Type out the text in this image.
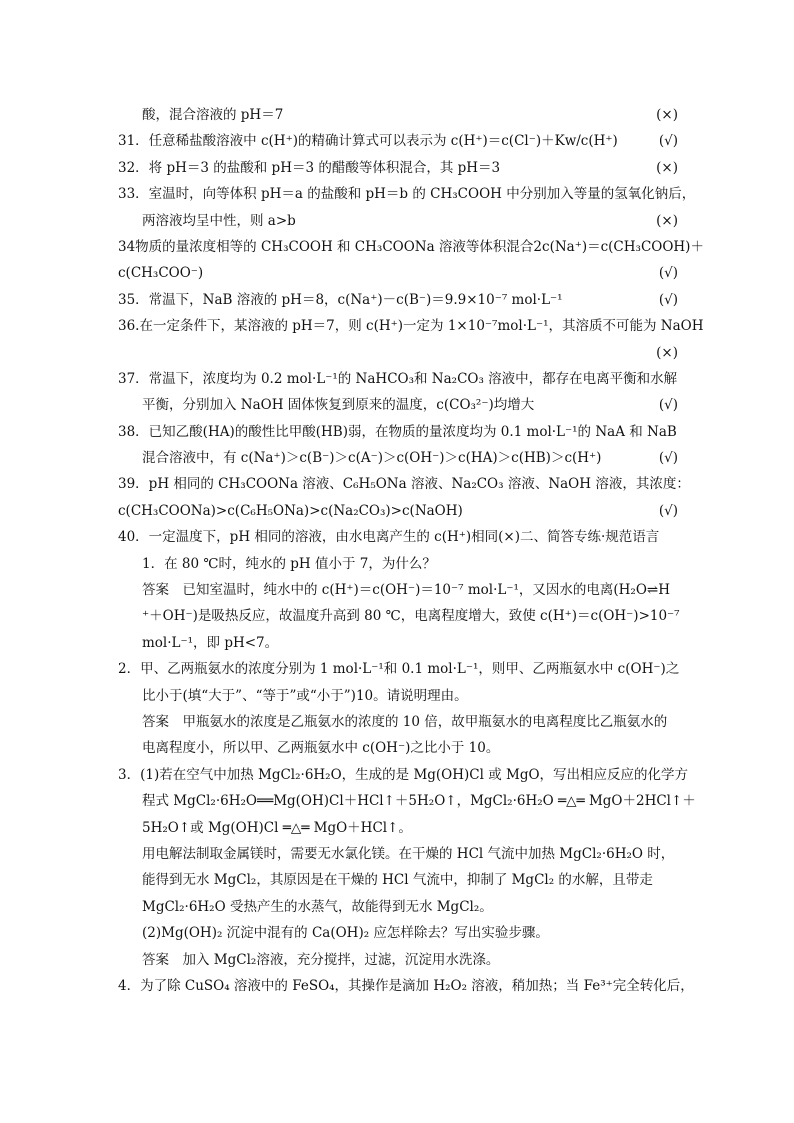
酸，混合溶液的 pH＝7	(×)
31．任意稀盐酸溶液中 c(H⁺)的精确计算式可以表示为 c(H⁺)＝c(Cl⁻)＋Kw/c(H⁺)	(√)
32．将 pH＝3 的盐酸和 pH＝3 的醋酸等体积混合，其 pH＝3	(×)
33．室温时，向等体积 pH＝a 的盐酸和 pH＝b 的 CH₃COOH 中分别加入等量的氢氧化钠后，
两溶液均呈中性，则 a>b	(×)
34物质的量浓度相等的 CH₃COOH 和 CH₃COONa 溶液等体积混合2c(Na⁺)＝c(CH₃COOH)＋
c(CH₃COO⁻)	(√)
35．常温下，NaB 溶液的 pH＝8，c(Na⁺)－c(B⁻)＝9.9×10⁻⁷ mol·L⁻¹	(√)
36.在一定条件下，某溶液的 pH＝7，则 c(H⁺)一定为 1×10⁻⁷mol·L⁻¹，其溶质不可能为 NaOH
(×)
37．常温下，浓度均为 0.2 mol·L⁻¹的 NaHCO₃和 Na₂CO₃ 溶液中，都存在电离平衡和水解
平衡，分别加入 NaOH 固体恢复到原来的温度，c(CO₃²⁻)均增大	(√)
38．已知乙酸(HA)的酸性比甲酸(HB)弱，在物质的量浓度均为 0.1 mol·L⁻¹的 NaA 和 NaB
混合溶液中，有 c(Na⁺)＞c(B⁻)＞c(A⁻)＞c(OH⁻)＞c(HA)＞c(HB)＞c(H⁺)	(√)
39．pH 相同的 CH₃COONa 溶液、C₆H₅ONa 溶液、Na₂CO₃ 溶液、NaOH 溶液，其浓度：
c(CH₃COONa)>c(C₆H₅ONa)>c(Na₂CO₃)>c(NaOH)	(√)
40．一定温度下，pH 相同的溶液，由水电离产生的 c(H⁺)相同(×)二、简答专练·规范语言
1．在 80 ℃时，纯水的 pH 值小于 7，为什么？
答案　已知室温时，纯水中的 c(H⁺)＝c(OH⁻)＝10⁻⁷ mol·L⁻¹，又因水的电离(H₂O⇌H
⁺＋OH⁻)是吸热反应，故温度升高到 80 ℃，电离程度增大，致使 c(H⁺)＝c(OH⁻)>10⁻⁷
mol·L⁻¹，即 pH<7。
2．甲、乙两瓶氨水的浓度分别为 1 mol·L⁻¹和 0.1 mol·L⁻¹，则甲、乙两瓶氨水中 c(OH⁻)之
比小于(填“大于”、“等于”或“小于”)10。请说明理由。
答案　甲瓶氨水的浓度是乙瓶氨水的浓度的 10 倍，故甲瓶氨水的电离程度比乙瓶氨水的
电离程度小，所以甲、乙两瓶氨水中 c(OH⁻)之比小于 10。
3．(1)若在空气中加热 MgCl₂·6H₂O，生成的是 Mg(OH)Cl 或 MgO，写出相应反应的化学方
程式 MgCl₂·6H₂O══Mg(OH)Cl＋HCl↑＋5H₂O↑，MgCl₂·6H₂O ═△═ MgO＋2HCl↑＋
5H₂O↑或 Mg(OH)Cl ═△═ MgO＋HCl↑。
用电解法制取金属镁时，需要无水氯化镁。在干燥的 HCl 气流中加热 MgCl₂·6H₂O 时，
能得到无水 MgCl₂，其原因是在干燥的 HCl 气流中，抑制了 MgCl₂ 的水解，且带走
MgCl₂·6H₂O 受热产生的水蒸气，故能得到无水 MgCl₂。
(2)Mg(OH)₂ 沉淀中混有的 Ca(OH)₂ 应怎样除去？写出实验步骤。
答案　加入 MgCl₂溶液，充分搅拌，过滤，沉淀用水洗涤。
4．为了除 CuSO₄ 溶液中的 FeSO₄，其操作是滴加 H₂O₂ 溶液，稍加热；当 Fe³⁺完全转化后，
